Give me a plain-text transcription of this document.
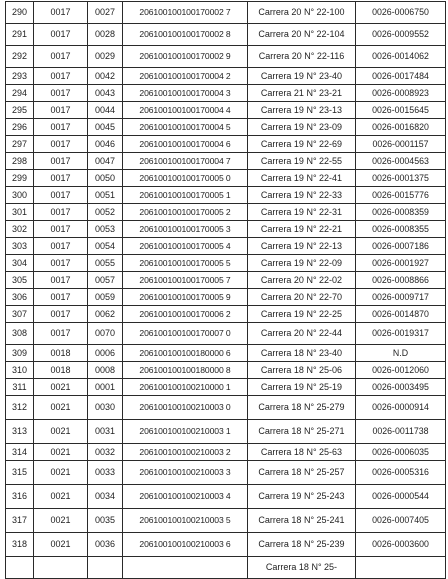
290	0017	0027	206100100100170002 7	Carrera 20 N° 22-100	0026-0006750
291	0017	0028	206100100100170002 8	Carrera 20 N° 22-104	0026-0009552
292	0017	0029	206100100100170002 9	Carrera 20 N° 22-116	0026-0014062
293	0017	0042	206100100100170004 2	Carrera 19 N° 23-40	0026-0017484
294	0017	0043	206100100100170004 3	Carrera 21 N° 23-21	0026-0008923
295	0017	0044	206100100100170004 4	Carrera 19 N° 23-13	0026-0015645
296	0017	0045	206100100100170004 5	Carrera 19 N° 23-09	0026-0016820
297	0017	0046	206100100100170004 6	Carrera 19 N° 22-69	0026-0001157
298	0017	0047	206100100100170004 7	Carrera 19 N° 22-55	0026-0004563
299	0017	0050	206100100100170005 0	Carrera 19 N° 22-41	0026-0001375
300	0017	0051	206100100100170005 1	Carrera 19 N° 22-33	0026-0015776
301	0017	0052	206100100100170005 2	Carrera 19 N° 22-31	0026-0008359
302	0017	0053	206100100100170005 3	Carrera 19 N° 22-21	0026-0008355
303	0017	0054	206100100100170005 4	Carrera 19 N° 22-13	0026-0007186
304	0017	0055	206100100100170005 5	Carrera 19 N° 22-09	0026-0001927
305	0017	0057	206100100100170005 7	Carrera 20 N° 22-02	0026-0008866
306	0017	0059	206100100100170005 9	Carrera 20 N° 22-70	0026-0009717
307	0017	0062	206100100100170006 2	Carrera 19 N° 22-25	0026-0014870
308	0017	0070	206100100100170007 0	Carrera 20 N° 22-44	0026-0019317
309	0018	0006	206100100100180000 6	Carrera 18 N° 23-40	N.D
310	0018	0008	206100100100180000 8	Carrera 18 N° 25-06	0026-0012060
311	0021	0001	206100100100210000 1	Carrera 19 N° 25-19	0026-0003495
312	0021	0030	206100100100210003 0	Carrera 18 N° 25-279	0026-0000914
313	0021	0031	206100100100210003 1	Carrera 18 N° 25-271	0026-0011738
314	0021	0032	206100100100210003 2	Carrera 18 N° 25-63	0026-0006035
315	0021	0033	206100100100210003 3	Carrera 18 N° 25-257	0026-0005316
316	0021	0034	206100100100210003 4	Carrera 19 N° 25-243	0026-0000544
317	0021	0035	206100100100210003 5	Carrera 18 N° 25-241	0026-0007405
318	0021	0036	206100100100210003 6	Carrera 18 N° 25-239	0026-0003600
				Carrera 18 N° 25-	
